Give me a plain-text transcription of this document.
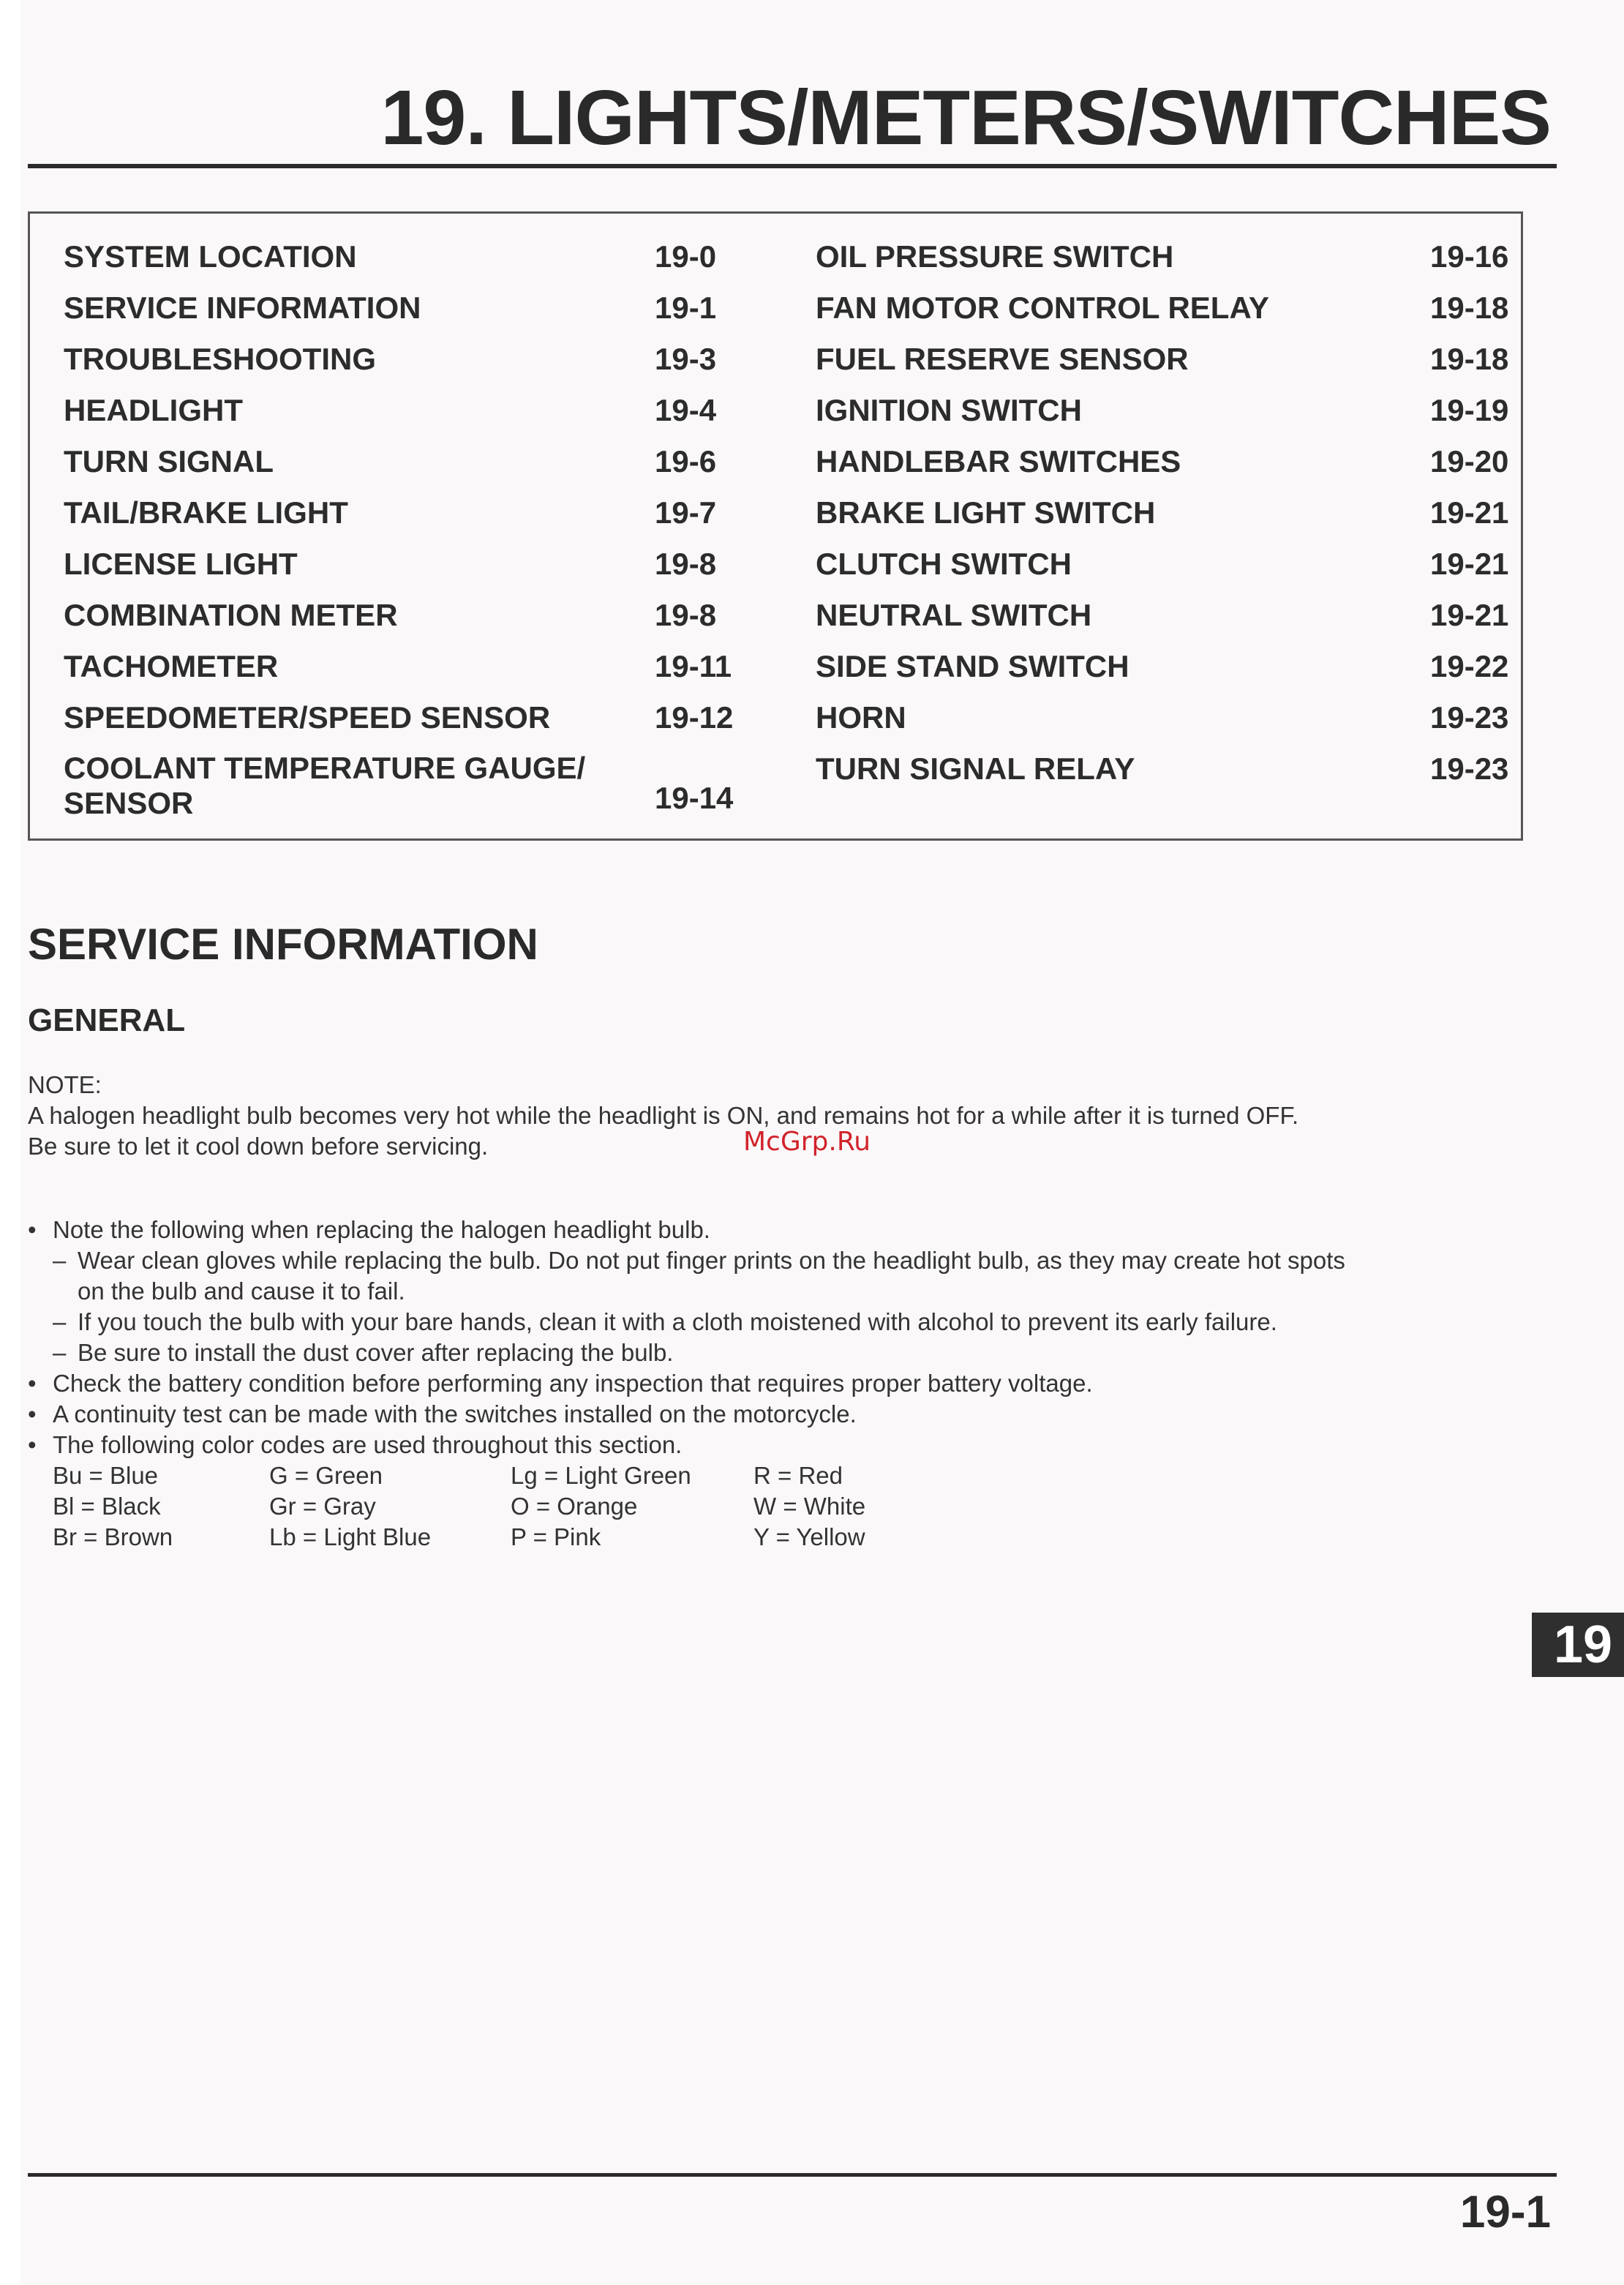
19. LIGHTS/METERS/SWITCHES
SYSTEM LOCATION	19-0
SERVICE INFORMATION	19-1
TROUBLESHOOTING	19-3
HEADLIGHT	19-4
TURN SIGNAL	19-6
TAIL/BRAKE LIGHT	19-7
LICENSE LIGHT	19-8
COMBINATION METER	19-8
TACHOMETER	19-11
SPEEDOMETER/SPEED SENSOR	19-12
COOLANT TEMPERATURE GAUGE/ SENSOR	19-14
OIL PRESSURE SWITCH	19-16
FAN MOTOR CONTROL RELAY	19-18
FUEL RESERVE SENSOR	19-18
IGNITION SWITCH	19-19
HANDLEBAR SWITCHES	19-20
BRAKE LIGHT SWITCH	19-21
CLUTCH SWITCH	19-21
NEUTRAL SWITCH	19-21
SIDE STAND SWITCH	19-22
HORN	19-23
TURN SIGNAL RELAY	19-23
SERVICE INFORMATION
GENERAL
NOTE:
A halogen headlight bulb becomes very hot while the headlight is ON, and remains hot for a while after it is turned OFF.
Be sure to let it cool down before servicing.	McGrp.Ru
• Note the following when replacing the halogen headlight bulb.
– Wear clean gloves while replacing the bulb. Do not put finger prints on the headlight bulb, as they may create hot spots
on the bulb and cause it to fail.
– If you touch the bulb with your bare hands, clean it with a cloth moistened with alcohol to prevent its early failure.
– Be sure to install the dust cover after replacing the bulb.
• Check the battery condition before performing any inspection that requires proper battery voltage.
• A continuity test can be made with the switches installed on the motorcycle.
• The following color codes are used throughout this section.
Bu = Blue	G = Green	Lg = Light Green	R = Red
Bl = Black	Gr = Gray	O = Orange	W = White
Br = Brown	Lb = Light Blue	P = Pink	Y = Yellow
19
19-1
